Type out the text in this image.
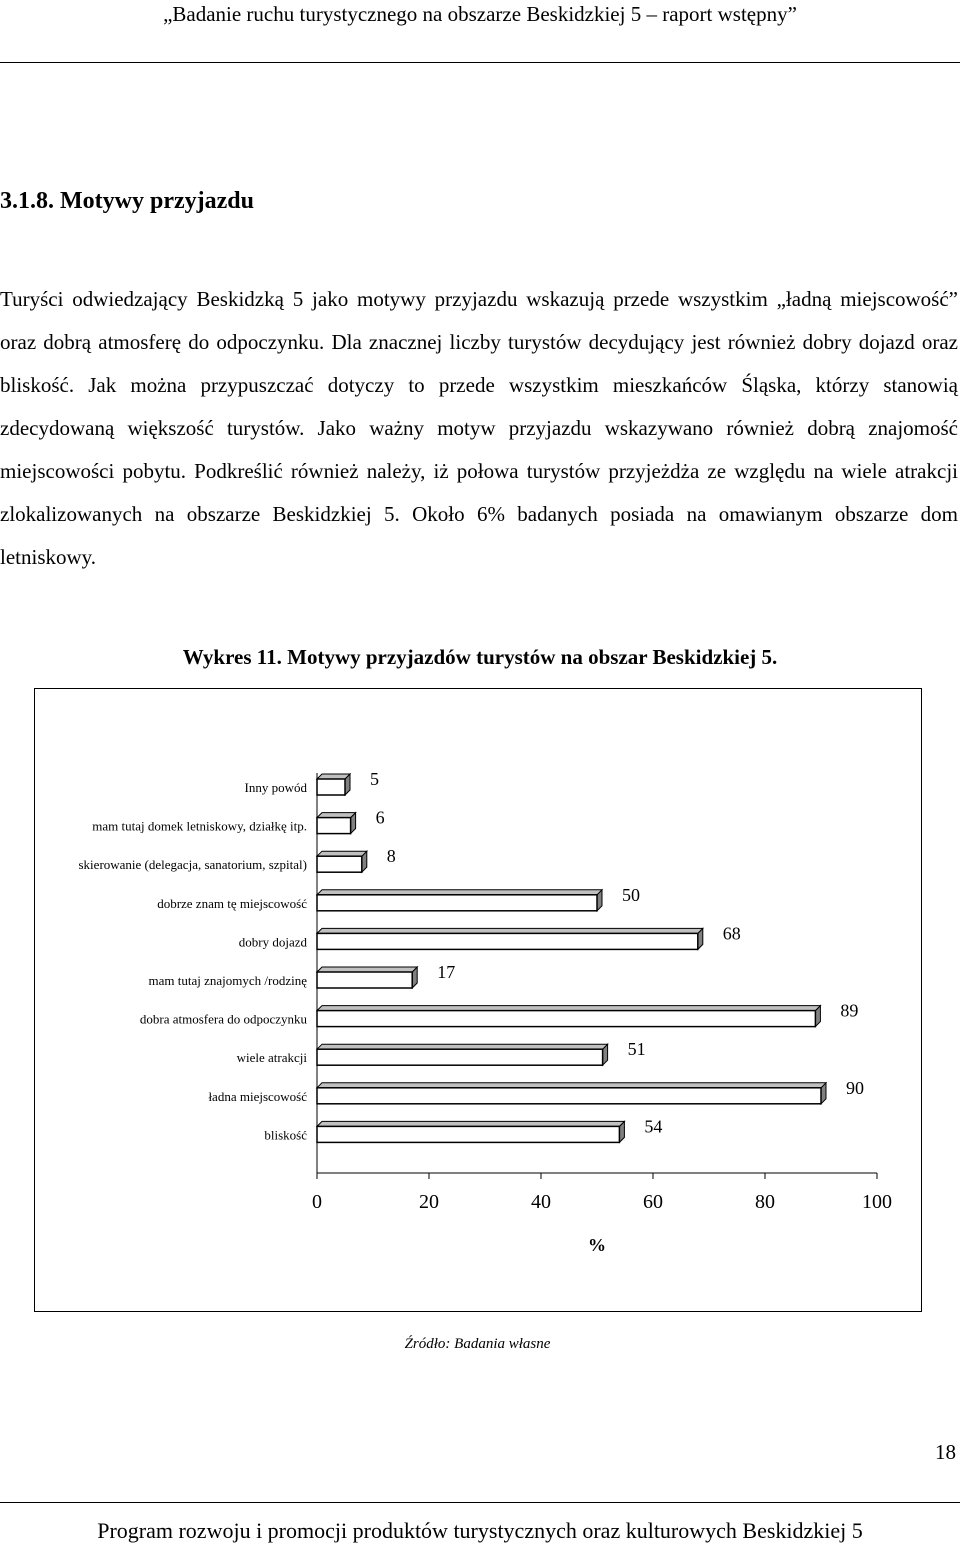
„Badanie ruchu turystycznego na obszarze Beskidzkiej 5 – raport wstępny”
3.1.8. Motywy przyjazdu

Turyści odwiedzający Beskidzką 5 jako motywy przyjazdu wskazują przede wszystkim „ładną miejscowość” oraz dobrą atmosferę do odpoczynku. Dla znacznej liczby turystów decydujący jest również dobry dojazd oraz bliskość. Jak można przypuszczać dotyczy to przede wszystkim mieszkańców Śląska, którzy stanowią zdecydowaną większość turystów. Jako ważny motyw przyjazdu wskazywano również dobrą znajomość miejscowości pobytu. Podkreślić również należy, iż połowa turystów przyjeżdża ze względu na wiele atrakcji zlokalizowanych na obszarze Beskidzkiej 5. Około 6% badanych posiada na omawianym obszarze dom letniskowy.

Wykres 11. Motywy przyjazdów turystów na obszar Beskidzkiej 5.
Inny powód	5
mam tutaj domek letniskowy, działkę itp.	6
skierowanie (delegacja, sanatorium, szpital)	8
dobrze znam tę miejscowość	50
dobry dojazd	68
mam tutaj znajomych /rodzinę	17
dobra atmosfera do odpoczynku	89
wiele atrakcji	51
ładna miejscowość	90
bliskość	54
0	20	40	60	80	100
%
Źródło: Badania własne
18
Program rozwoju i promocji produktów turystycznych oraz kulturowych Beskidzkiej 5
